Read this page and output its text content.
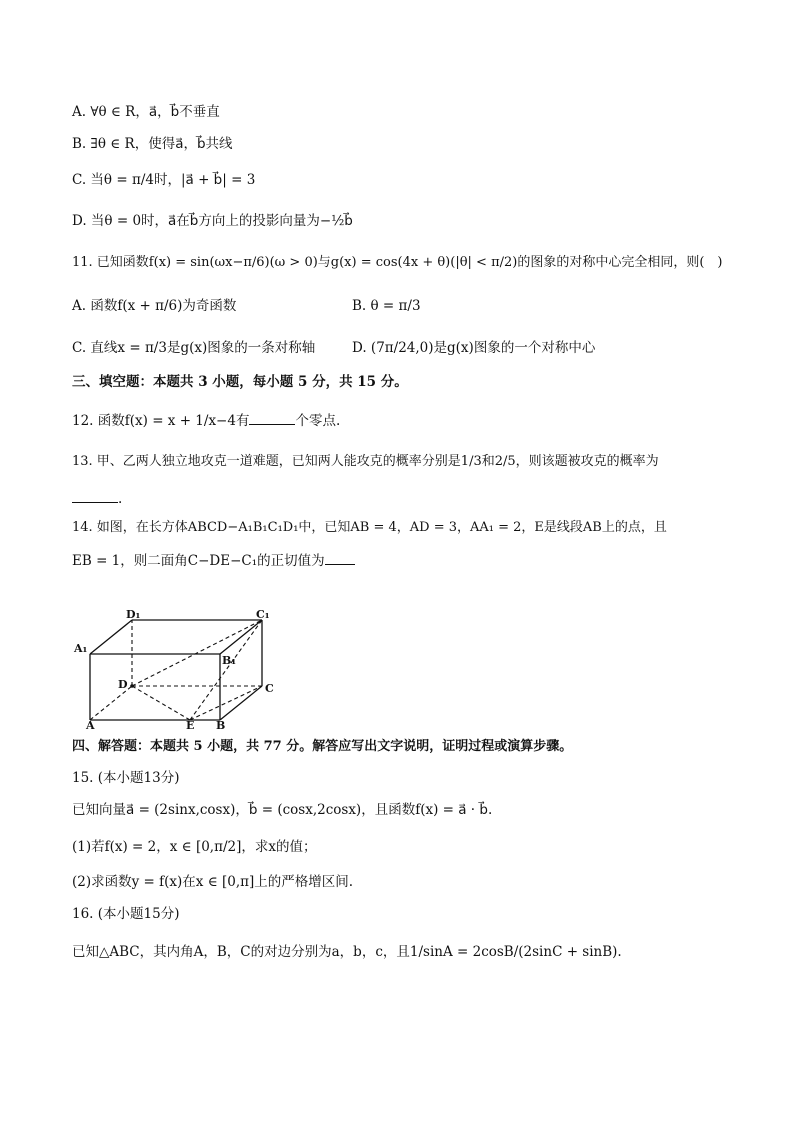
A. ∀θ ∈ R，a⃗，b⃗不垂直
B. ∃θ ∈ R，使得a⃗，b⃗共线
C. 当θ = π/4时，|a⃗ + b⃗| = 3
D. 当θ = 0时，a⃗在b⃗方向上的投影向量为−½b⃗
11. 已知函数f(x) = sin(ωx−π/6)(ω > 0)与g(x) = cos(4x + θ)(|θ| < π/2)的图象的对称中心完全相同，则(　)
A. 函数f(x + π/6)为奇函数	B. θ = π/3
C. 直线x = π/3是g(x)图象的一条对称轴	D. (7π/24,0)是g(x)图象的一个对称中心
三、填空题：本题共 3 小题，每小题 5 分，共 15 分。
12. 函数f(x) = x + 1/x−4有	个零点.
13. 甲、乙两人独立地攻克一道难题，已知两人能攻克的概率分别是1/3和2/5，则该题被攻克的概率为
.
14. 如图，在长方体ABCD−A₁B₁C₁D₁中，已知AB = 4，AD = 3，AA₁ = 2，E是线段AB上的点，且
EB = 1，则二面角C−DE−C₁的正切值为
D₁	C₁
A₁
B₁
D	C
A	E B
四、解答题：本题共 5 小题，共 77 分。解答应写出文字说明，证明过程或演算步骤。
15. (本小题13分)
已知向量a⃗ = (2sinx,cosx)，b⃗ = (cosx,2cosx)，且函数f(x) = a⃗ · b⃗.
(1)若f(x) = 2，x ∈ [0,π/2]，求x的值；
(2)求函数y = f(x)在x ∈ [0,π]上的严格增区间.
16. (本小题15分)
已知△ABC，其内角A，B，C的对边分别为a，b，c，且1/sinA = 2cosB/(2sinC + sinB).
